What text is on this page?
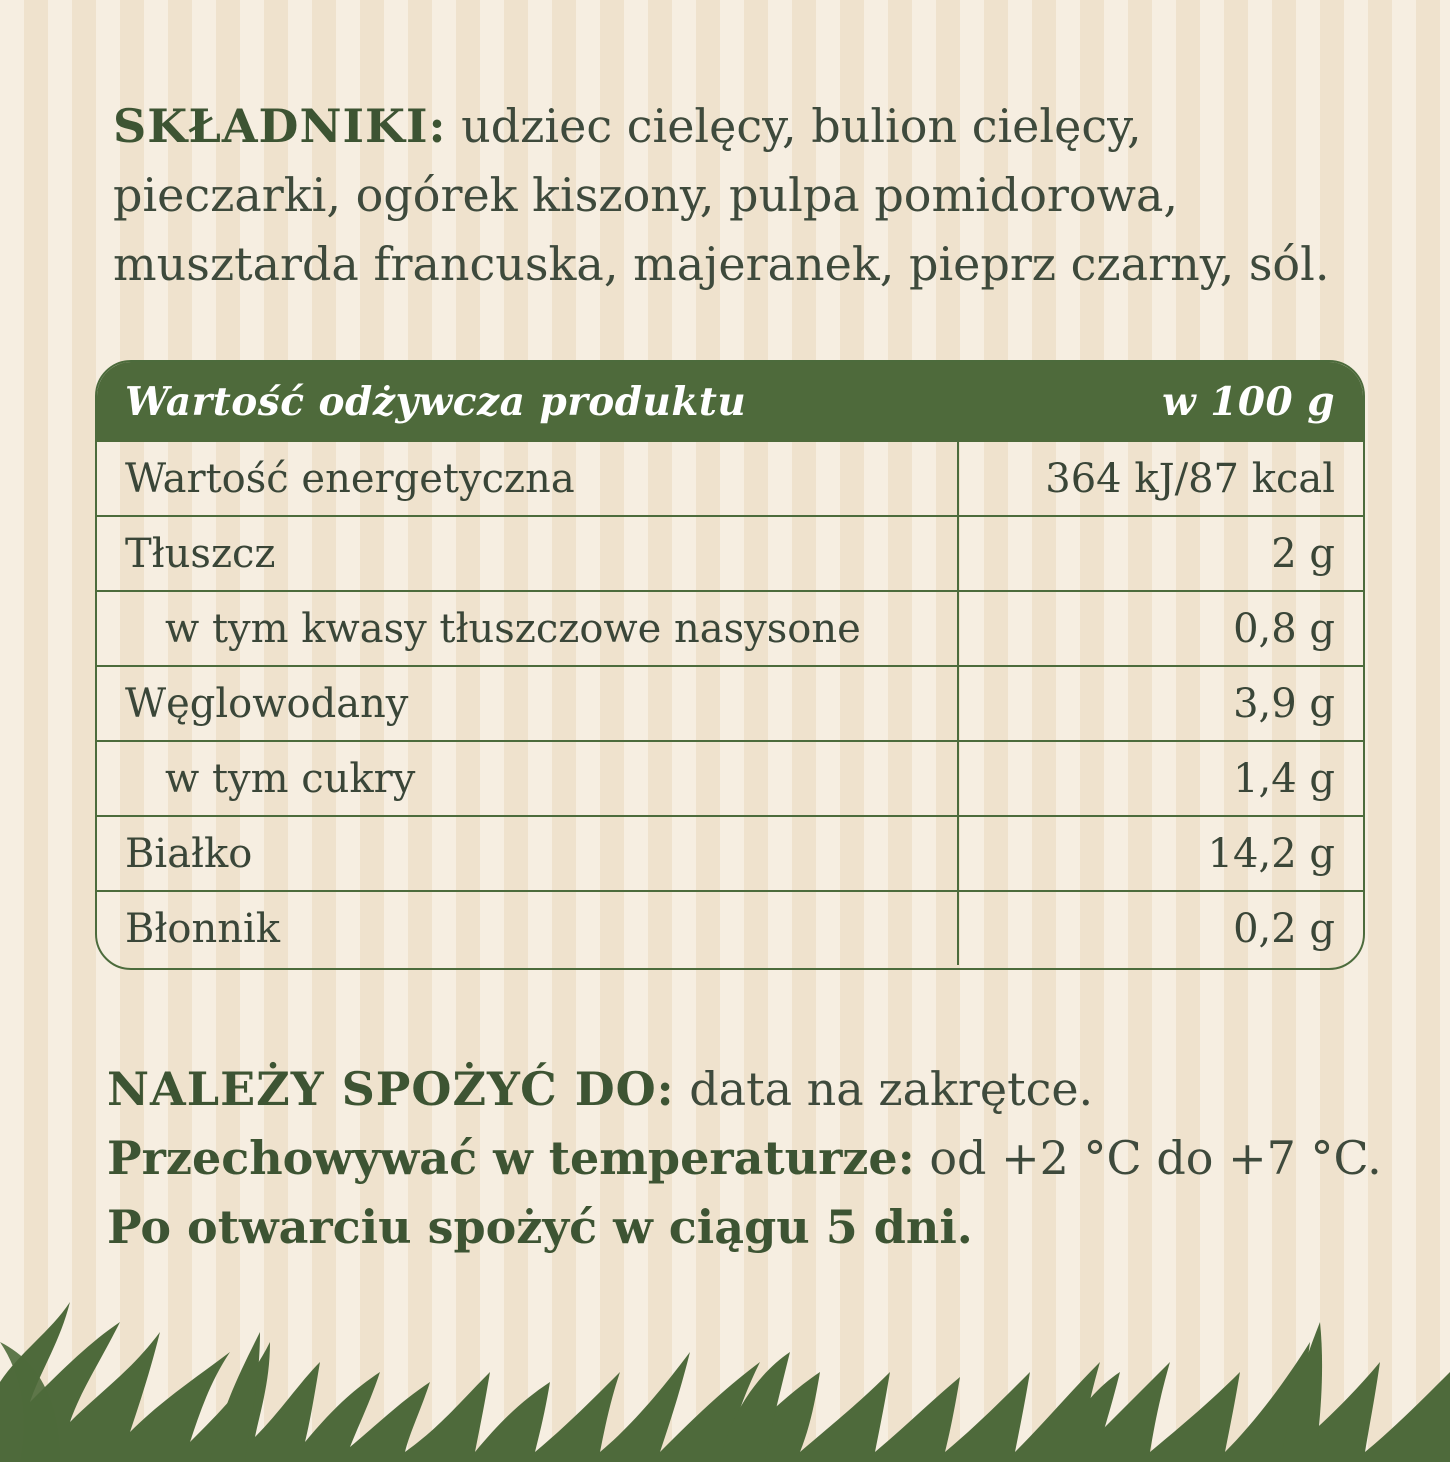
SKŁADNIKI: udziec cielęcy, bulion cielęcy, pieczarki, ogórek kiszony, pulpa pomidorowa, musztarda francuska, majeranek, pieprz czarny, sól.
Wartość odżywcza produktu	w 100 g
Wartość energetyczna	364 kJ/87 kcal
Tłuszcz	2 g
w tym kwasy tłuszczowe nasysone	0,8 g
Węglowodany	3,9 g
w tym cukry	1,4 g
Białko	14,2 g
Błonnik	0,2 g
NALEŻY SPOŻYĆ DO: data na zakrętce.
Przechowywać w temperaturze: od +2 °C do +7 °C.
Po otwarciu spożyć w ciągu 5 dni.
